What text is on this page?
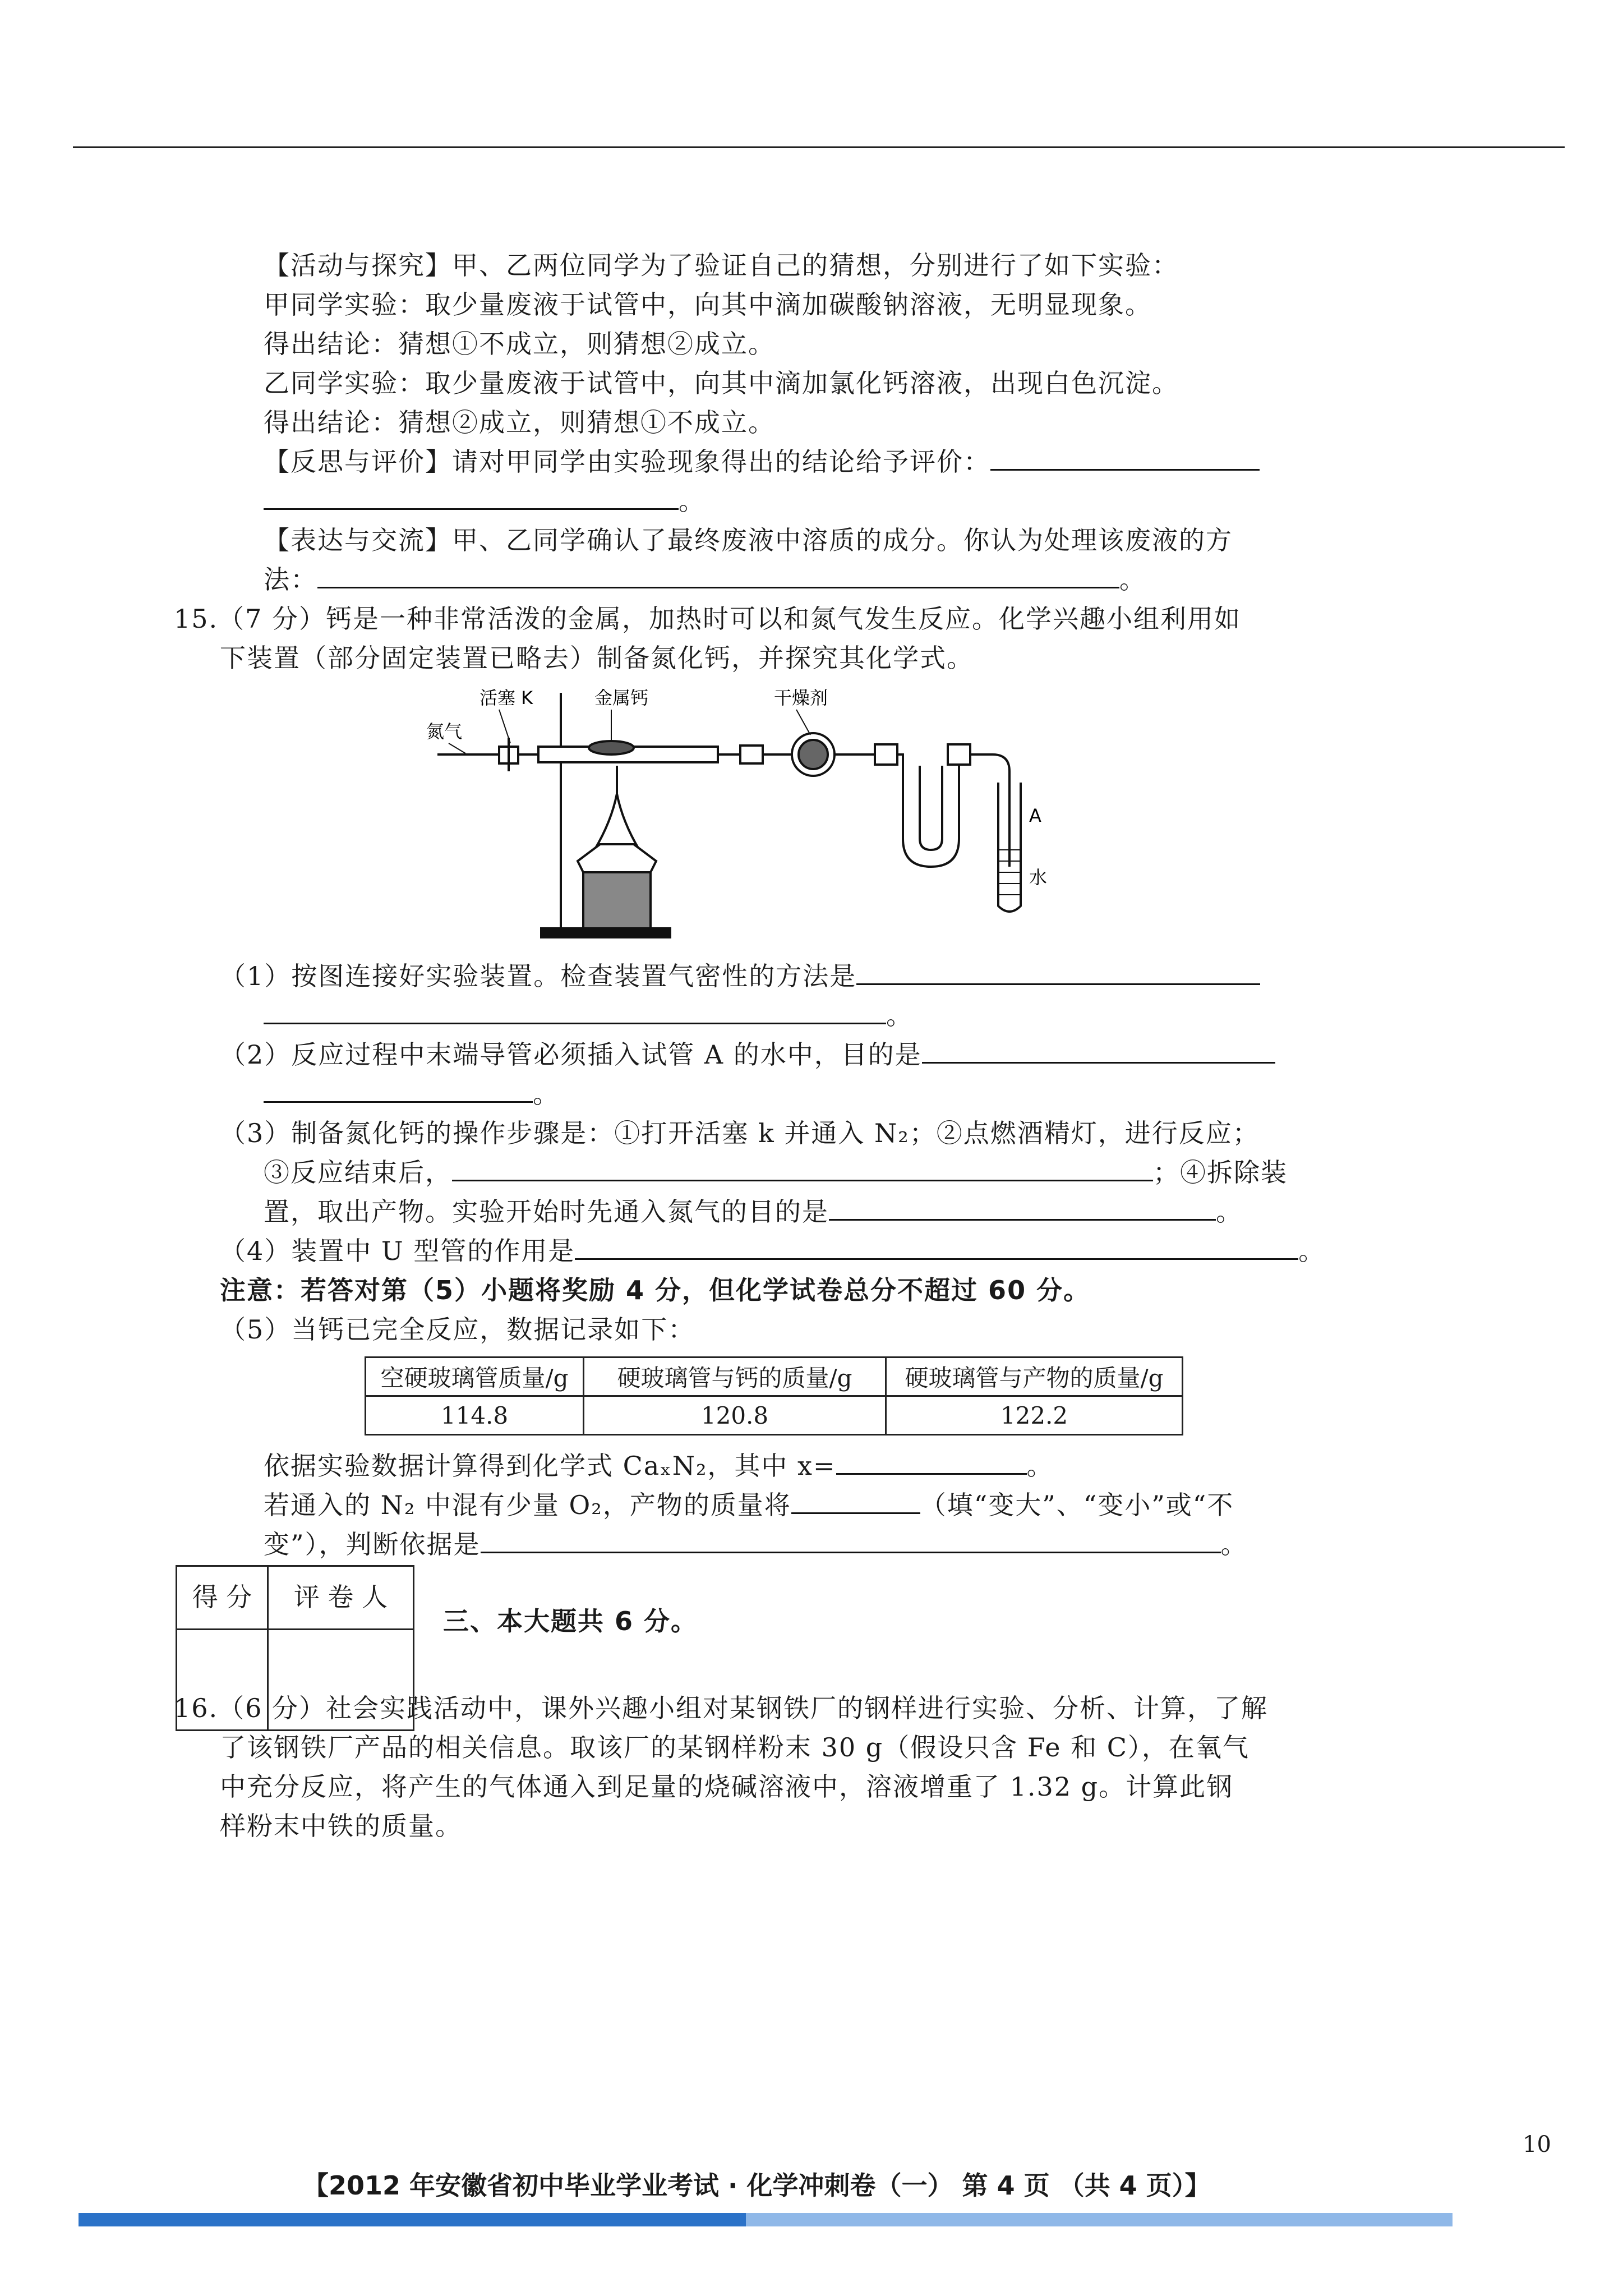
【活动与探究】甲、乙两位同学为了验证自己的猜想，分别进行了如下实验：
甲同学实验：取少量废液于试管中，向其中滴加碳酸钠溶液，无明显现象。
得出结论：猜想①不成立，则猜想②成立。
乙同学实验：取少量废液于试管中，向其中滴加氯化钙溶液，出现白色沉淀。
得出结论：猜想②成立，则猜想①不成立。
【反思与评价】请对甲同学由实验现象得出的结论给予评价：
。
【表达与交流】甲、乙同学确认了最终废液中溶质的成分。你认为处理该废液的方
法：	。
15.（7 分）钙是一种非常活泼的金属，加热时可以和氮气发生反应。化学兴趣小组利用如
下装置（部分固定装置已略去）制备氮化钙，并探究其化学式。
活塞 K	金属钙	干燥剂
氮气
A
水
（1）按图连接好实验装置。检查装置气密性的方法是
。
（2）反应过程中末端导管必须插入试管 A 的水中，目的是
。
（3）制备氮化钙的操作步骤是：①打开活塞 k 并通入 N₂；②点燃酒精灯，进行反应；
③反应结束后，	；④拆除装
置，取出产物。实验开始时先通入氮气的目的是	。
（4）装置中 U 型管的作用是	。
注意：若答对第（5）小题将奖励 4 分，但化学试卷总分不超过 60 分。
（5）当钙已完全反应，数据记录如下：
空硬玻璃管质量/g	硬玻璃管与钙的质量/g	硬玻璃管与产物的质量/g
114.8	120.8	122.2
依据实验数据计算得到化学式 CaₓN₂，其中 x=	。
若通入的 N₂ 中混有少量 O₂，产物的质量将	（填“变大”、“变小”或“不
变”），判断依据是	。
得 分	评 卷 人
三、本大题共 6 分。
16.（6 分）社会实践活动中，课外兴趣小组对某钢铁厂的钢样进行实验、分析、计算，了解
了该钢铁厂产品的相关信息。取该厂的某钢样粉末 30 g（假设只含 Fe 和 C），在氧气
中充分反应，将产生的气体通入到足量的烧碱溶液中，溶液增重了 1.32 g。计算此钢
样粉末中铁的质量。
10
【2012 年安徽省初中毕业学业考试 · 化学冲刺卷（一） 第 4 页 （共 4 页）】
